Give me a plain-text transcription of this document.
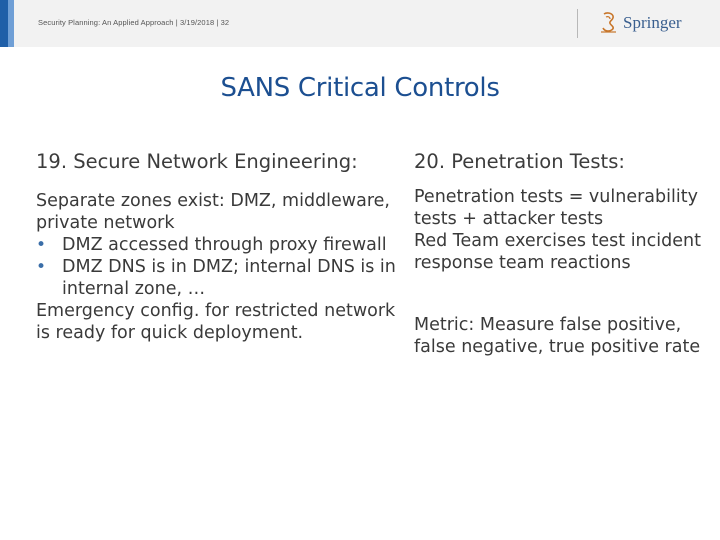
Security Planning: An Applied Approach | 3/19/2018 | 32	Springer
SANS Critical Controls

19. Secure Network Engineering:

Separate zones exist: DMZ, middleware, private network

• DMZ accessed through proxy firewall
• DMZ DNS is in DMZ; internal DNS is in internal zone, …

Emergency config. for restricted network is ready for quick deployment.

20. Penetration Tests:

Penetration tests = vulnerability tests + attacker tests

Red Team exercises test incident response team reactions

Metric: Measure false positive, false negative, true positive rate
